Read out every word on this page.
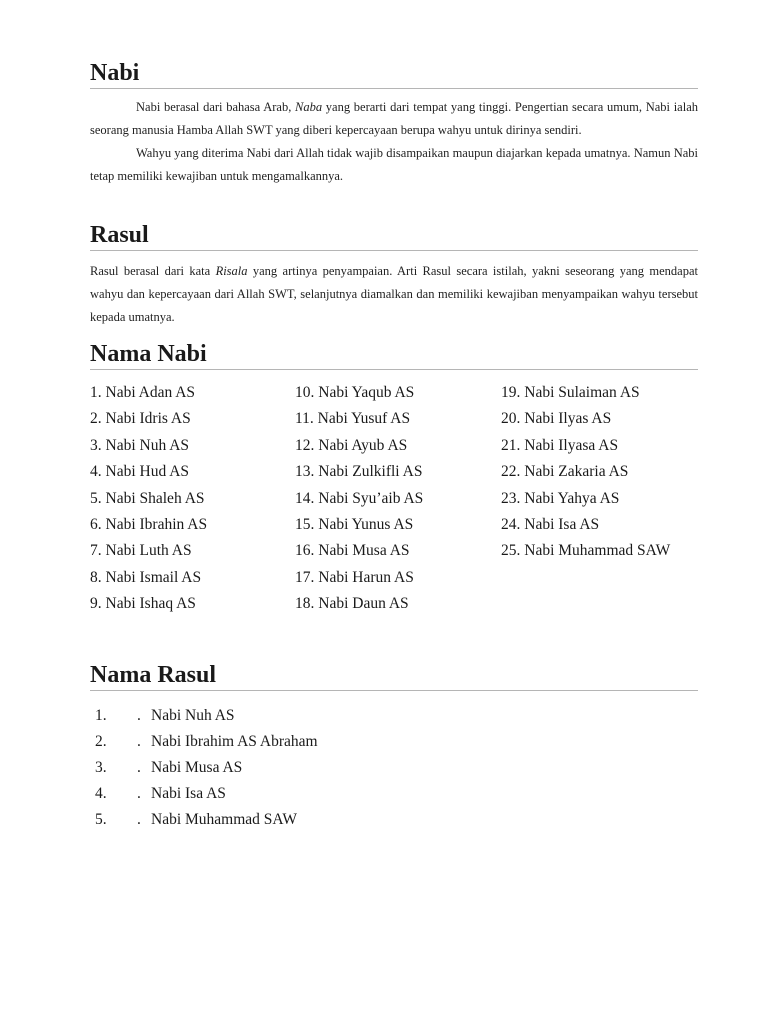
Nabi

Nabi berasal dari bahasa Arab, Naba yang berarti dari tempat yang tinggi. Pengertian secara umum, Nabi ialah seorang manusia Hamba Allah SWT yang diberi kepercayaan berupa wahyu untuk dirinya sendiri.

Wahyu yang diterima Nabi dari Allah tidak wajib disampaikan maupun diajarkan kepada umatnya. Namun Nabi tetap memiliki kewajiban untuk mengamalkannya.

Rasul

Rasul berasal dari kata Risala yang artinya penyampaian. Arti Rasul secara istilah, yakni seseorang yang mendapat wahyu dan kepercayaan dari Allah SWT, selanjutnya diamalkan dan memiliki kewajiban menyampaikan wahyu tersebut kepada umatnya.

Nama Nabi
1. Nabi Adan AS
2. Nabi Idris AS
3. Nabi Nuh AS
4. Nabi Hud AS
5. Nabi Shaleh AS
6. Nabi Ibrahin AS
7. Nabi Luth AS
8. Nabi Ismail AS
9. Nabi Ishaq AS
10. Nabi Yaqub AS
11. Nabi Yusuf AS
12. Nabi Ayub AS
13. Nabi Zulkifli AS
14. Nabi Syu’aib AS
15. Nabi Yunus AS
16. Nabi Musa AS
17. Nabi Harun AS
18. Nabi Daun AS
19. Nabi Sulaiman AS
20. Nabi Ilyas AS
21. Nabi Ilyasa AS
22. Nabi Zakaria AS
23. Nabi Yahya AS
24. Nabi Isa AS
25. Nabi Muhammad SAW
Nama Rasul
1.	. Nabi Nuh AS
2.	. Nabi Ibrahim AS Abraham
3.	. Nabi Musa AS
4.	. Nabi Isa AS
5.	. Nabi Muhammad SAW
